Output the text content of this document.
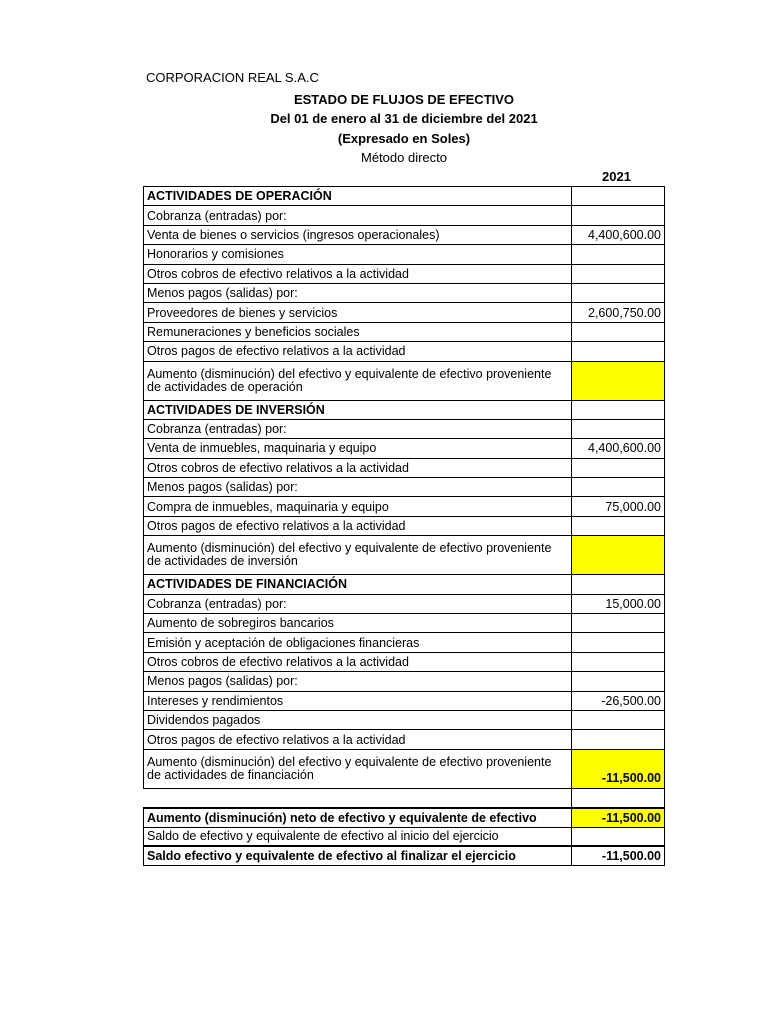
CORPORACION REAL S.A.C
ESTADO DE FLUJOS DE EFECTIVO
Del 01 de enero al 31 de diciembre del 2021
(Expresado en Soles)
Método directo
2021
ACTIVIDADES DE OPERACIÓN	
Cobranza (entradas) por:	
Venta de bienes o servicios (ingresos operacionales)	4,400,600.00
Honorarios y comisiones	
Otros cobros de efectivo relativos a la actividad	
Menos pagos (salidas) por:	
Proveedores de bienes y servicios	2,600,750.00
Remuneraciones y beneficios sociales	
Otros pagos de efectivo relativos a la actividad	
Aumento (disminución) del efectivo y equivalente de efectivo proveniente de actividades de operación	
ACTIVIDADES DE INVERSIÓN	
Cobranza (entradas) por:	
Venta de inmuebles, maquinaria y equipo	4,400,600.00
Otros cobros de efectivo relativos a la actividad	
Menos pagos (salidas) por:	
Compra de inmuebles, maquinaria y equipo	75,000.00
Otros pagos de efectivo relativos a la actividad	
Aumento (disminución) del efectivo y equivalente de efectivo proveniente de actividades de inversión	
ACTIVIDADES DE FINANCIACIÓN	
Cobranza (entradas) por:	15,000.00
Aumento de sobregiros bancarios	
Emisión y aceptación de obligaciones financieras	
Otros cobros de efectivo relativos a la actividad	
Menos pagos (salidas) por:	
Intereses y rendimientos	-26,500.00
Dividendos pagados	
Otros pagos de efectivo relativos a la actividad	
Aumento (disminución) del efectivo y equivalente de efectivo proveniente de actividades de financiación	-11,500.00

Aumento (disminución) neto de efectivo y equivalente de efectivo	-11,500.00
Saldo de efectivo y equivalente de efectivo al inicio del ejercicio	
Saldo efectivo y equivalente de efectivo al finalizar el ejercicio	-11,500.00
